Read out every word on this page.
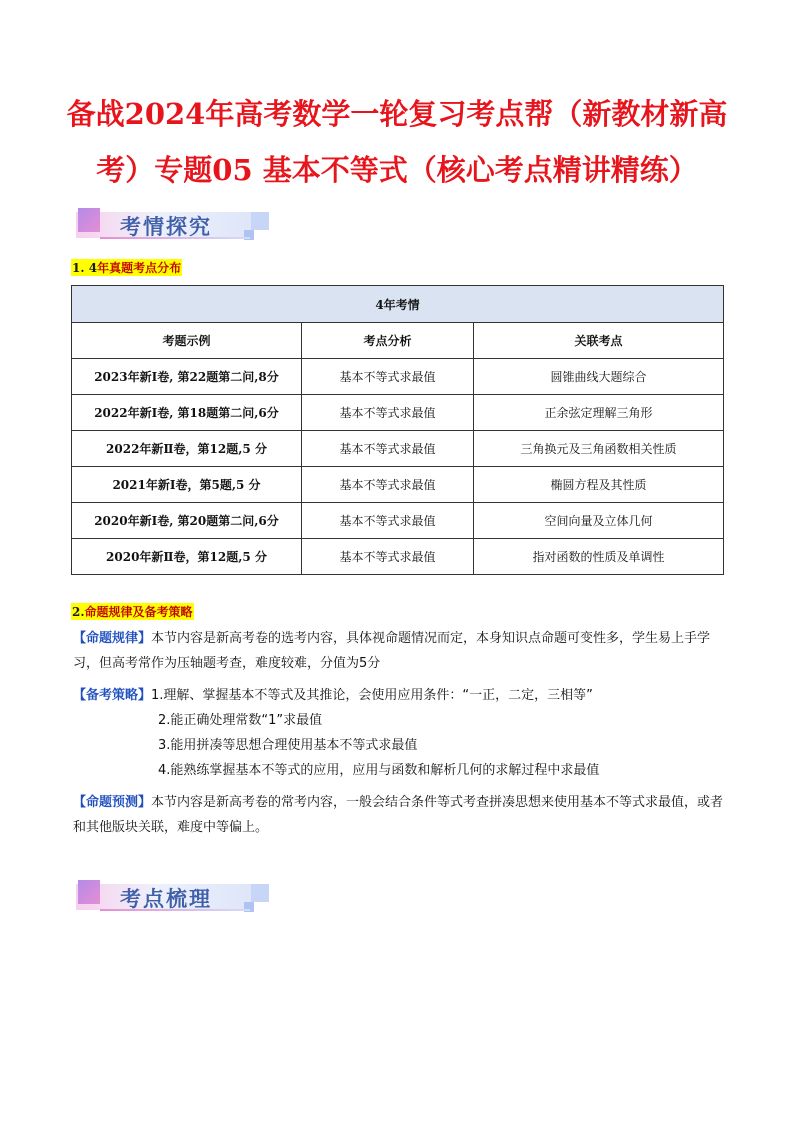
备战2024年高考数学一轮复习考点帮（新教材新高
考）专题05 基本不等式（核心考点精讲精练）
考情探究
1. 4年真题考点分布
4年考情		
考题示例	考点分析	关联考点
2023年新Ⅰ卷, 第22题第二问,8分	基本不等式求最值	圆锥曲线大题综合
2022年新Ⅰ卷, 第18题第二问,6分	基本不等式求最值	正余弦定理解三角形
2022年新Ⅱ卷，第12题,5 分	基本不等式求最值	三角换元及三角函数相关性质
2021年新Ⅰ卷，第5题,5 分	基本不等式求最值	椭圆方程及其性质
2020年新Ⅰ卷, 第20题第二问,6分	基本不等式求最值	空间向量及立体几何
2020年新Ⅱ卷，第12题,5 分	基本不等式求最值	指对函数的性质及单调性
2.命题规律及备考策略
【命题规律】本节内容是新高考卷的选考内容，具体视命题情况而定，本身知识点命题可变性多，学生易上手学习，但高考常作为压轴题考查，难度较难，分值为5分
【备考策略】1.理解、掌握基本不等式及其推论，会使用应用条件：“一正，二定，三相等”
2.能正确处理常数“1”求最值
3.能用拼凑等思想合理使用基本不等式求最值
4.能熟练掌握基本不等式的应用，应用与函数和解析几何的求解过程中求最值
【命题预测】本节内容是新高考卷的常考内容，一般会结合条件等式考查拼凑思想来使用基本不等式求最值，或者和其他版块关联，难度中等偏上。
考点梳理
